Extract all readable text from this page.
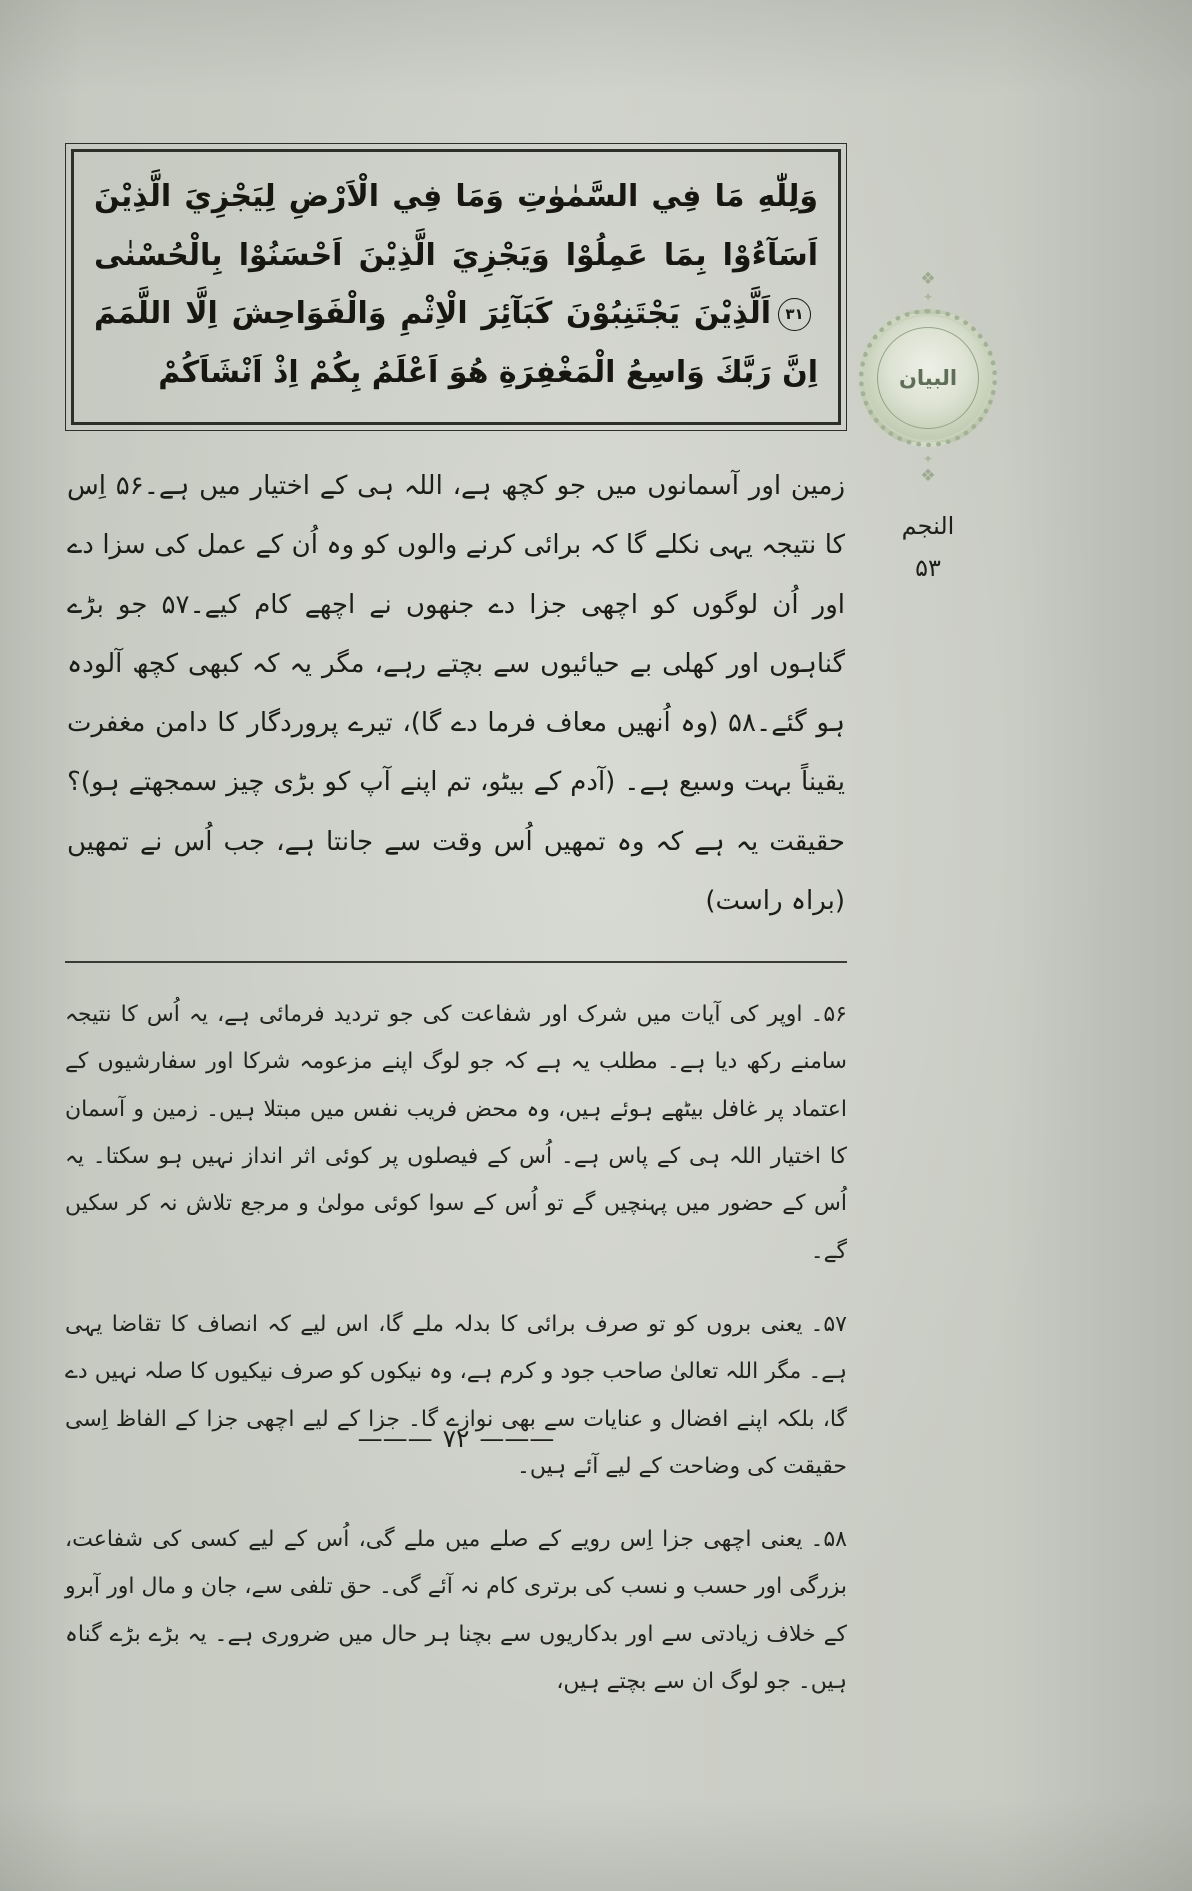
وَلِلّٰهِ مَا فِي السَّمٰوٰتِ وَمَا فِي الْاَرْضِ لِيَجْزِيَ الَّذِيْنَ اَسَآءُوْا بِمَا عَمِلُوْا وَيَجْزِيَ الَّذِيْنَ اَحْسَنُوْا بِالْحُسْنٰى۳۱اَلَّذِيْنَ يَجْتَنِبُوْنَ كَبَآئِرَ الْاِثْمِ وَالْفَوَاحِشَ اِلَّا اللَّمَمَ اِنَّ رَبَّكَ وَاسِعُ الْمَغْفِرَةِ هُوَ اَعْلَمُ بِكُمْ اِذْ اَنْشَاَكُمْ

زمین اور آسمانوں میں جو کچھ ہے، اللہ ہی کے اختیار میں ہے۔۵۶ اِس کا نتیجہ یہی نکلے گا کہ برائی کرنے والوں کو وہ اُن کے عمل کی سزا دے اور اُن لوگوں کو اچھی جزا دے جنھوں نے اچھے کام کیے۔۵۷ جو بڑے گناہوں اور کھلی بے حیائیوں سے بچتے رہے، مگر یہ کہ کبھی کچھ آلودہ ہو گئے۔۵۸ (وہ اُنھیں معاف فرما دے گا)، تیرے پروردگار کا دامن مغفرت یقیناً بہت وسیع ہے۔ (آدم کے بیٹو، تم اپنے آپ کو بڑی چیز سمجھتے ہو)؟ حقیقت یہ ہے کہ وہ تمھیں اُس وقت سے جانتا ہے، جب اُس نے تمھیں (براہ راست)

۵۶۔اوپر کی آیات میں شرک اور شفاعت کی جو تردید فرمائی ہے، یہ اُس کا نتیجہ سامنے رکھ دیا ہے۔ مطلب یہ ہے کہ جو لوگ اپنے مزعومہ شرکا اور سفارشیوں کے اعتماد پر غافل بیٹھے ہوئے ہیں، وہ محض فریب نفس میں مبتلا ہیں۔ زمین و آسمان کا اختیار اللہ ہی کے پاس ہے۔ اُس کے فیصلوں پر کوئی اثر انداز نہیں ہو سکتا۔ یہ اُس کے حضور میں پہنچیں گے تو اُس کے سوا کوئی مولیٰ و مرجع تلاش نہ کر سکیں گے۔

۵۷۔یعنی بروں کو تو صرف برائی کا بدلہ ملے گا، اس لیے کہ انصاف کا تقاضا یہی ہے۔ مگر اللہ تعالیٰ صاحب جود و کرم ہے، وہ نیکوں کو صرف نیکیوں کا صلہ نہیں دے گا، بلکہ اپنے افضال و عنایات سے بھی نوازے گا۔ جزا کے لیے اچھی جزا کے الفاظ اِسی حقیقت کی وضاحت کے لیے آئے ہیں۔

۵۸۔یعنی اچھی جزا اِس رویے کے صلے میں ملے گی، اُس کے لیے کسی کی شفاعت، بزرگی اور حسب و نسب کی برتری کام نہ آئے گی۔ حق تلفی سے، جان و مال اور آبرو کے خلاف زیادتی سے اور بدکاریوں سے بچنا ہر حال میں ضروری ہے۔ یہ بڑے بڑے گناہ ہیں۔ جو لوگ ان سے بچتے ہیں،

❖
✦
البیان
✦
❖
النجم
۵۳
———۷۲———
